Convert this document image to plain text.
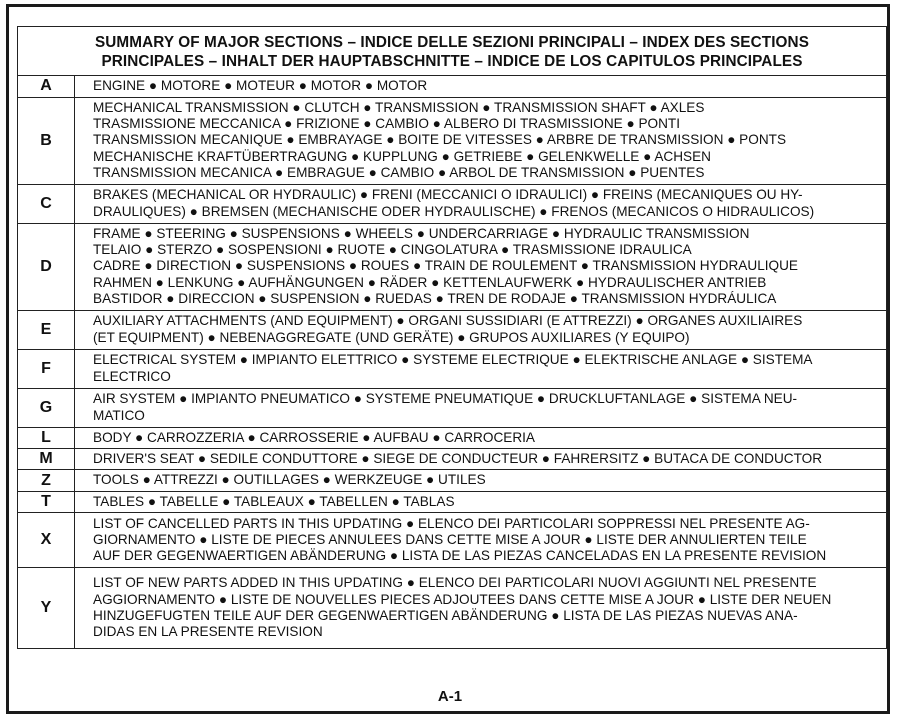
SUMMARY OF MAJOR SECTIONS – INDICE DELLE SEZIONI PRINCIPALI – INDEX DES SECTIONS
PRINCIPALES – INHALT DER HAUPTABSCHNITTE – INDICE DE LOS CAPITULOS PRINCIPALES
A	ENGINE ● MOTORE ● MOTEUR ● MOTOR ● MOTOR

B	MECHANICAL TRANSMISSION ● CLUTCH ● TRANSMISSION ● TRANSMISSION SHAFT ● AXLES
TRASMISSIONE MECCANICA ● FRIZIONE ● CAMBIO ● ALBERO DI TRASMISSIONE ● PONTI
TRANSMISSION MECANIQUE ● EMBRAYAGE ● BOITE DE VITESSES ● ARBRE DE TRANSMISSION ● PONTS
MECHANISCHE KRAFTÜBERTRAGUNG ● KUPPLUNG ● GETRIEBE ● GELENKWELLE ● ACHSEN
TRANSMISSION MECANICA ● EMBRAGUE ● CAMBIO ● ARBOL DE TRANSMISSION ● PUENTES

C	BRAKES (MECHANICAL OR HYDRAULIC) ● FRENI (MECCANICI O IDRAULICI) ● FREINS (MECANIQUES OU HY-
DRAULIQUES) ● BREMSEN (MECHANISCHE ODER HYDRAULISCHE) ● FRENOS (MECANICOS O HIDRAULICOS)

D	FRAME ● STEERING ● SUSPENSIONS ● WHEELS ● UNDERCARRIAGE ● HYDRAULIC TRANSMISSION
TELAIO ● STERZO ● SOSPENSIONI ● RUOTE ● CINGOLATURA ● TRASMISSIONE IDRAULICA
CADRE ● DIRECTION ● SUSPENSIONS ● ROUES ● TRAIN DE ROULEMENT ● TRANSMISSION HYDRAULIQUE
RAHMEN ● LENKUNG ● AUFHÄNGUNGEN ● RÄDER ● KETTENLAUFWERK ● HYDRAULISCHER ANTRIEB
BASTIDOR ● DIRECCION ● SUSPENSION ● RUEDAS ● TREN DE RODAJE ● TRANSMISSION HYDRÁULICA

E	AUXILIARY ATTACHMENTS (AND EQUIPMENT) ● ORGANI SUSSIDIARI (E ATTREZZI) ● ORGANES AUXILIAIRES
(ET EQUIPMENT) ● NEBENAGGREGATE (UND GERÄTE) ● GRUPOS AUXILIARES (Y EQUIPO)

F	ELECTRICAL SYSTEM ● IMPIANTO ELETTRICO ● SYSTEME ELECTRIQUE ● ELEKTRISCHE ANLAGE ● SISTEMA
ELECTRICO

G	AIR SYSTEM ● IMPIANTO PNEUMATICO ● SYSTEME PNEUMATIQUE ● DRUCKLUFTANLAGE ● SISTEMA NEU-
MATICO

L	BODY ● CARROZZERIA ● CARROSSERIE ● AUFBAU ● CARROCERIA

M	DRIVER'S SEAT ● SEDILE CONDUTTORE ● SIEGE DE CONDUCTEUR ● FAHRERSITZ ● BUTACA DE CONDUCTOR

Z	TOOLS ● ATTREZZI ● OUTILLAGES ● WERKZEUGE ● UTILES

T	TABLES ● TABELLE ● TABLEAUX ● TABELLEN ● TABLAS

X	LIST OF CANCELLED PARTS IN THIS UPDATING ● ELENCO DEI PARTICOLARI SOPPRESSI NEL PRESENTE AG-
GIORNAMENTO ● LISTE DE PIECES ANNULEES DANS CETTE MISE A JOUR ● LISTE DER ANNULIERTEN TEILE
AUF DER GEGENWAERTIGEN ABÄNDERUNG ● LISTA DE LAS PIEZAS CANCELADAS EN LA PRESENTE REVISION

Y	LIST OF NEW PARTS ADDED IN THIS UPDATING ● ELENCO DEI PARTICOLARI NUOVI AGGIUNTI NEL PRESENTE
AGGIORNAMENTO ● LISTE DE NOUVELLES PIECES ADJOUTEES DANS CETTE MISE A JOUR ● LISTE DER NEUEN
HINZUGEFUGTEN TEILE AUF DER GEGENWAERTIGEN ABÄNDERUNG ● LISTA DE LAS PIEZAS NUEVAS ANA-
DIDAS EN LA PRESENTE REVISION
A-1
